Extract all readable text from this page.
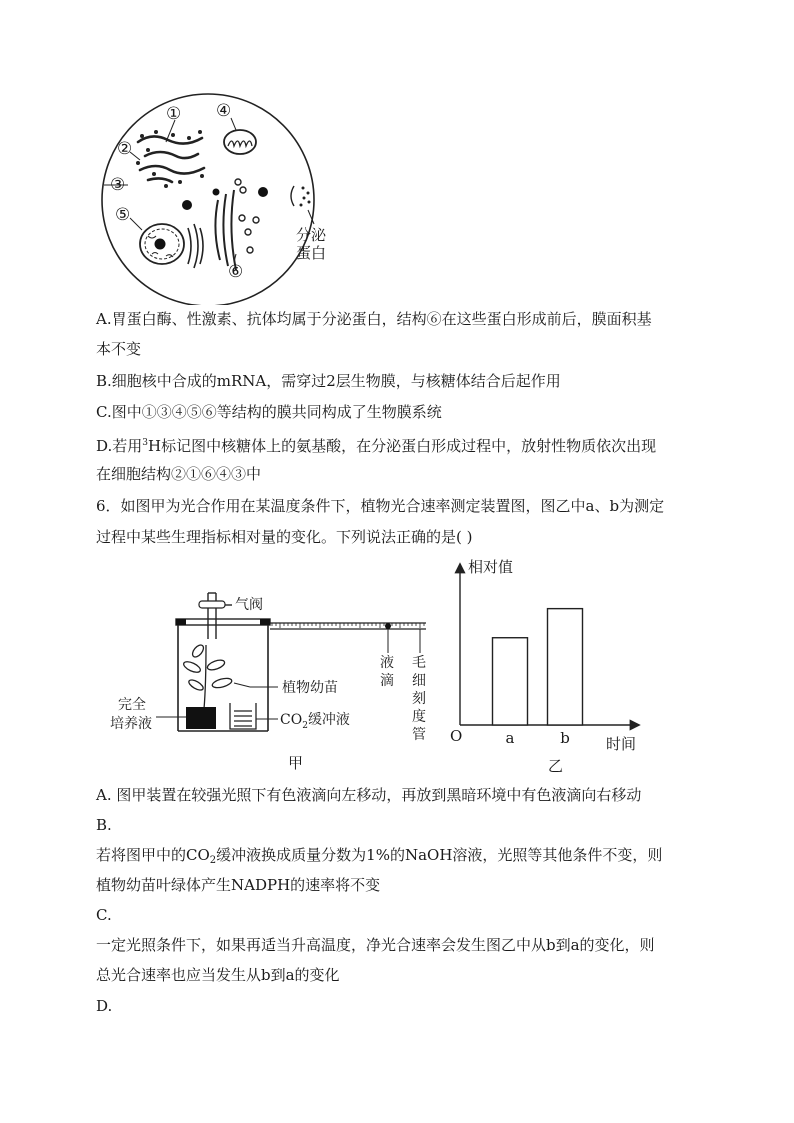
①
②
③
④
⑤
⑥
分泌
蛋白
A.胃蛋白酶、性激素、抗体均属于分泌蛋白，结构⑥在这些蛋白形成前后，膜面积基
本不变
B.细胞核中合成的mRNA，需穿过2层生物膜，与核糖体结合后起作用
C.图中①③④⑤⑥等结构的膜共同构成了生物膜系统
D.若用$^3$H标记图中核糖体上的氨基酸，在分泌蛋白形成过程中，放射性物质依次出现
在细胞结构②①⑥④③中
6．如图甲为光合作用在某温度条件下，植物光合速率测定装置图，图乙中a、b为测定
过程中某些生理指标相对量的变化。下列说法正确的是( )
气阀
液
滴
毛
细
刻
度
管
植物幼苗
完全
培养液	$CO_2$缓冲液
甲
相对值
时间
O	a	b
乙
A. 图甲装置在较强光照下有色液滴向左移动，再放到黑暗环境中有色液滴向右移动
B.
若将图甲中的$CO_2$缓冲液换成质量分数为1%的NaOH溶液，光照等其他条件不变，则
植物幼苗叶绿体产生NADPH的速率将不变
C.
一定光照条件下，如果再适当升高温度，净光合速率会发生图乙中从b到a的变化，则
总光合速率也应当发生从b到a的变化
D.
